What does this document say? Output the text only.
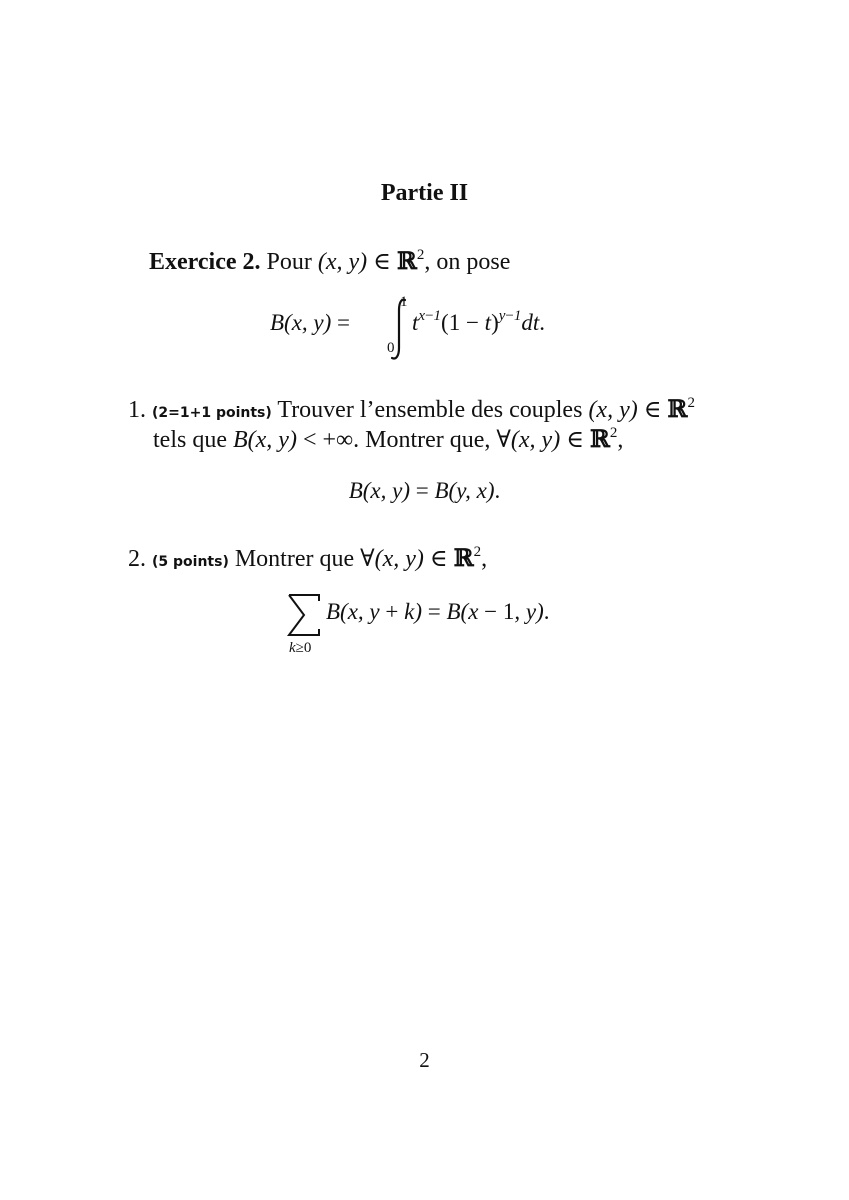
Partie II
Exercice 2. Pour (x, y) ∈ ℝ$^2$, on pose
B(x, y) =
1
0
$t^{x-1}(1 - t)^{y-1}dt$.
1. (2=1+1 points) Trouver l’ensemble des couples (x, y) ∈ ℝ$^2$
tels que B(x, y) < +∞. Montrer que, ∀(x, y) ∈ ℝ$^2$,
B(x, y) = B(y, x).
2. (5 points) Montrer que ∀(x, y) ∈ ℝ$^2$,
k≥0
B(x, y + k) = B(x − 1, y).
2
